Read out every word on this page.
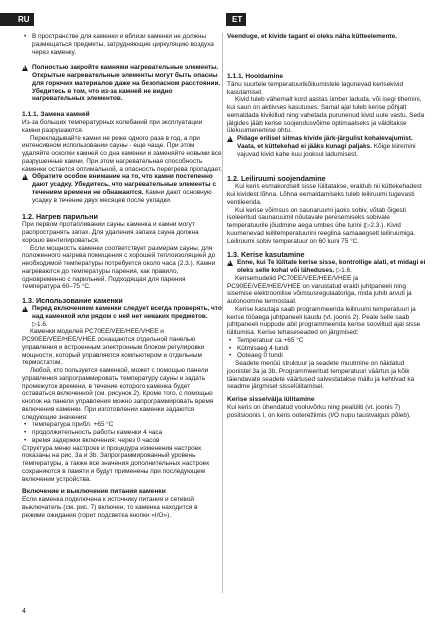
RU	ET

• В пространстве для каменки и вблизи каменки не должны размещаться предметы, затрудняющие циркуляцию воздуха через каменку.

!
Полностью закройте камнями нагревательные элементы. Открытые нагревательные элементы могут быть опасны для горючих материалов даже на безопасном расстоянии. Убедитесь в том, что из-за камней не видно нагревательных элементов.

1.1.1. Замена камней

Из-за больших температурных колебаний при эксплуатации камни разрушаются.

Перекладывайте камни не реже одного раза в год, а при интенсивном использовании сауны - еще чаще. При этом удаляйте осколки камней со дна каменки и заменяйте новыми все разрушенные камни. При этом нагревательная способность каменки остается оптимальной, а опасность перегрева пропадает.

!
Обратите особое внимание на то, что камни постепенно дают усадку. Убедитесь, что нагревательные элементы с течением времени не обнажаются. Камни дают основную усадку в течение двух месяцев после укладки.

1.2. Нагрев парильни

При первом протапливании сауны каменка и камни могут распространять запах. Для удаления запаха сауна должна хорошо вентилироваться.

Если мощность каменки соответствует размерам сауны, для положенного нагрева помещения с хорошей теплоизоляцией до необходимой температуры потребуется около часа (2.3.). Камни нагреваются до температуры парения, как правило, одновременно с парильней. Подходящая для парения температура 60–75 °C.

1.3. Использование каменки

!
Перед включением каменки следует всегда проверять, что над каменкой или рядом с ней нет никаких предметов. ▷1.6.

Каменки моделей PC70EE/VEE/HEE/VHEE и PC90EE/VEE/HEE/VHEE оснащаются отдельной панелью управления и встроенным электронным блоком регулировки мощности, который управляется компьютером и отдельным термостатом.

Любой, кто пользуется каменкой, может с помощью панели управления запрограммировать температуру сауны и задать промежуток времени, в течение которого каменка будет оставаться включенной (см. рисунок 2). Кроме того, с помощью кнопок на панели управления можно запрограммировать время включения каменки. При изготовлении каменки задаются следующие значения:

• температура прибл. +65 °C

• продолжительность работы каменки 4 часа

• время задержки включения: через 0 часов

Структура меню настроек и процедура изменения настроек показаны на рис. 3a и 3b. Запрограммированный уровень температуры, а также все значения дополнительных настроек сохраняются в памяти и будут применены при последующем включении устройства.

Включение и выключение питания каменки

Если каменка подключена к источнику питания и сетевой выключатель (см. рис. 7) включен, то каменка находится в режиме ожидания (горит подсветка кнопки «I/O»).

Veenduge, et kivide tagant ei oleks näha kütteelemente.

1.1.1. Hooldamine

Tänu suurtele temperatuurikõikumistele lagunevad kerisekivid kasutamisel.

Kivid tuleb vähemalt kord aastas ümber laduda, või isegi tihemini, kui saun on aktiivses kasutuses. Samal ajal tuleb kerise põhjalt eemaldada kivikillud ning vahetada purunenud kivid uute vastu. Seda jälgides jääb kerise soojendusvõime optimaalseks ja välditakse ülekuumenemise ohtu.

!
Pidage erilisel silmas kivide järk-järgulist kohalevajumist. Vaata, et küttekehad ei jääks kunagi paljaks. Kõige kiiremini vajuvad kivid kahe kuu jooksul ladumisest.

1.2. Leiliruumi soojendamine

Kui keris esmakordselt sisse lülitatakse, eraldub nii küttekehadest kui kividest lõhna. Lõhna eemaldamiseks tuleb leiliruumi tugevasti ventileerida.

Kui kerise võimsus on saunaruumi jaoks sobiv, võtab õigesti isoleeritud saunaruumil nõutavale peresemiseks sobivale temperatuurile jõudmine aega umbes ühe tunni (▷2.3.). Kivid kuumenevad leilitemperatuurini reeglina samaaegselt leiliruumiga. Leiliruumi sobiv temperatuur on 60 kuni 75 °C.

1.3. Kerise kasutamine

!
Enne, kui Te lülitate kerise sisse, kontrollige alati, et midagi ei oleks selle kohal või läheduses. ▷1.6.

Kerisemudelid PC70EE/VEE/HEE/VHEE ja PC90EE/VEE/HEE/VHEE on varustatud eraldi juhtpaneeli ning sisemise elektroonilise võimsusregulaatoriga, mida juhib arvuti ja autonoomne termostaat.

Kerise kasutaja saab programmeerida leiliruumi temperatuuri ja kerise tööaega juhtpaneeli kaudu (vt. joonis 2). Peale selle saab juhtpaneeli nuppude abil programmeerida kerise sooviitud ajal sisse lülitumisa. Kerise tehaseseaded on järgmised:

• Temperatuur ca +65 °C

• Kütmisaeg 4 tundi

• Ooteaeg 0 tundi

Seadete menüü struktuur ja seadete muutmine on näidatud joonistel 3a ja 3b. Programmeeritud temperatuuri väärtus ja kõik täiendavate seadete väärtused salvestatakse mällu ja kehtivad ka seadme järgmisel sisselülitamisel.

Kerise sisse/välja lülitamine

Kui keris on ühendatud vooluvõrku ning pealüliti (vt. joonis 7) positsioonis I, on keris ooterežiimis (I/O nupu taustvalgus põleb).

4
